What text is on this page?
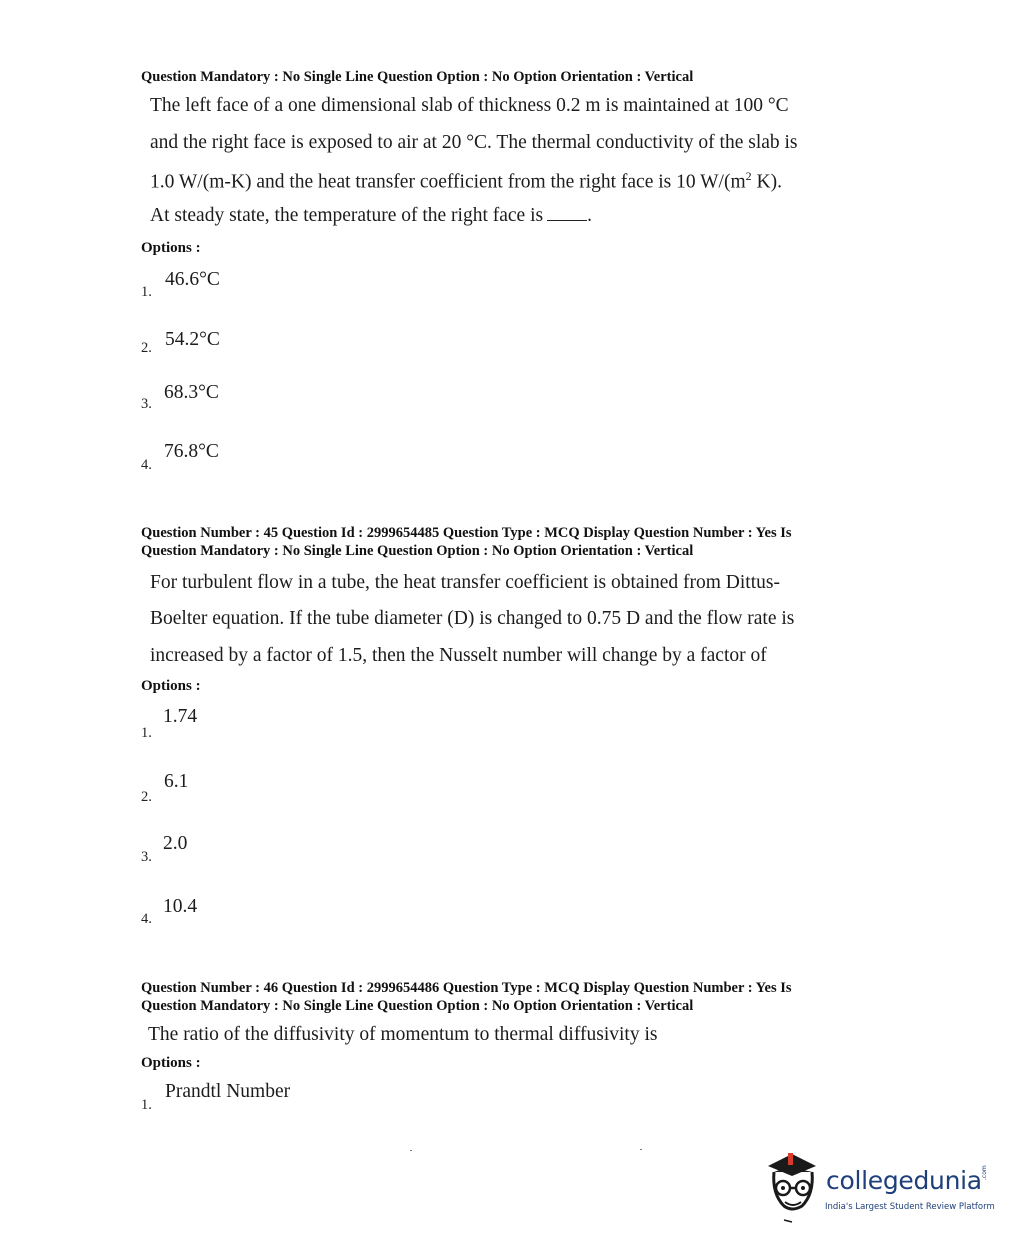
Question Mandatory : No Single Line Question Option : No Option Orientation : Vertical
The left face of a one dimensional slab of thickness 0.2 m is maintained at 100 °C
and the right face is exposed to air at 20 °C. The thermal conductivity of the slab is
1.0 W/(m-K) and the heat transfer coefficient from the right face is 10 $W/(m^2$ K).
At steady state, the temperature of the right face is .
Options :
1.
46.6°C
2. 54.2°C
3.
68.3°C
4.
76.8°C
Question Number : 45 Question Id : 2999654485 Question Type : MCQ Display Question Number : Yes Is
Question Mandatory : No Single Line Question Option : No Option Orientation : Vertical
For turbulent flow in a tube, the heat transfer coefficient is obtained from Dittus-
Boelter equation. If the tube diameter (D) is changed to 0.75 D and the flow rate is
increased by a factor of 1.5, then the Nusselt number will change by a factor of
Options :
1.
1.74
2.
6.1
3.
2.0
4.
10.4
Question Number : 46 Question Id : 2999654486 Question Type : MCQ Display Question Number : Yes Is
Question Mandatory : No Single Line Question Option : No Option Orientation : Vertical
The ratio of the diffusivity of momentum to thermal diffusivity is
Options :
1.
Prandtl Number
collegedunia .com
India's Largest Student Review Platform
